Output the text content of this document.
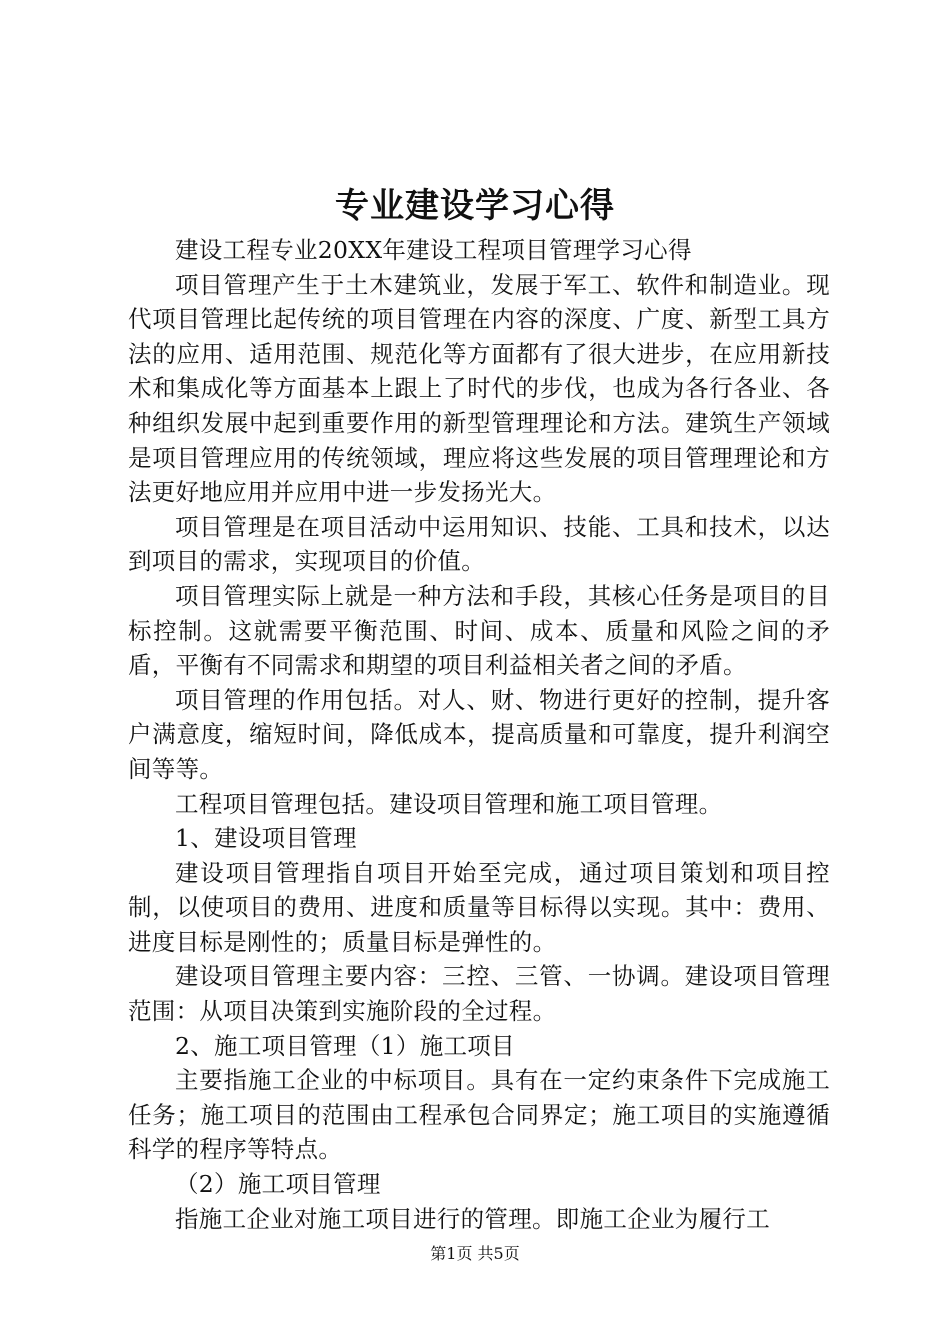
专业建设学习心得

建设工程专业20XX年建设工程项目管理学习心得

项目管理产生于土木建筑业，发展于军工、软件和制造业。现代项目管理比起传统的项目管理在内容的深度、广度、新型工具方法的应用、适用范围、规范化等方面都有了很大进步，在应用新技术和集成化等方面基本上跟上了时代的步伐，也成为各行各业、各种组织发展中起到重要作用的新型管理理论和方法。建筑生产领域是项目管理应用的传统领域，理应将这些发展的项目管理理论和方法更好地应用并应用中进一步发扬光大。

项目管理是在项目活动中运用知识、技能、工具和技术，以达到项目的需求，实现项目的价值。

项目管理实际上就是一种方法和手段，其核心任务是项目的目标控制。这就需要平衡范围、时间、成本、质量和风险之间的矛盾，平衡有不同需求和期望的项目利益相关者之间的矛盾。

项目管理的作用包括。对人、财、物进行更好的控制，提升客户满意度，缩短时间，降低成本，提高质量和可靠度，提升利润空间等等。

工程项目管理包括。建设项目管理和施工项目管理。

1、建设项目管理

建设项目管理指自项目开始至完成，通过项目策划和项目控制，以使项目的费用、进度和质量等目标得以实现。其中：费用、进度目标是刚性的；质量目标是弹性的。

建设项目管理主要内容：三控、三管、一协调。建设项目管理范围：从项目决策到实施阶段的全过程。

2、施工项目管理（1）施工项目

主要指施工企业的中标项目。具有在一定约束条件下完成施工任务；施工项目的范围由工程承包合同界定；施工项目的实施遵循科学的程序等特点。

（2）施工项目管理

指施工企业对施工项目进行的管理。即施工企业为履行工

第1页 共5页
